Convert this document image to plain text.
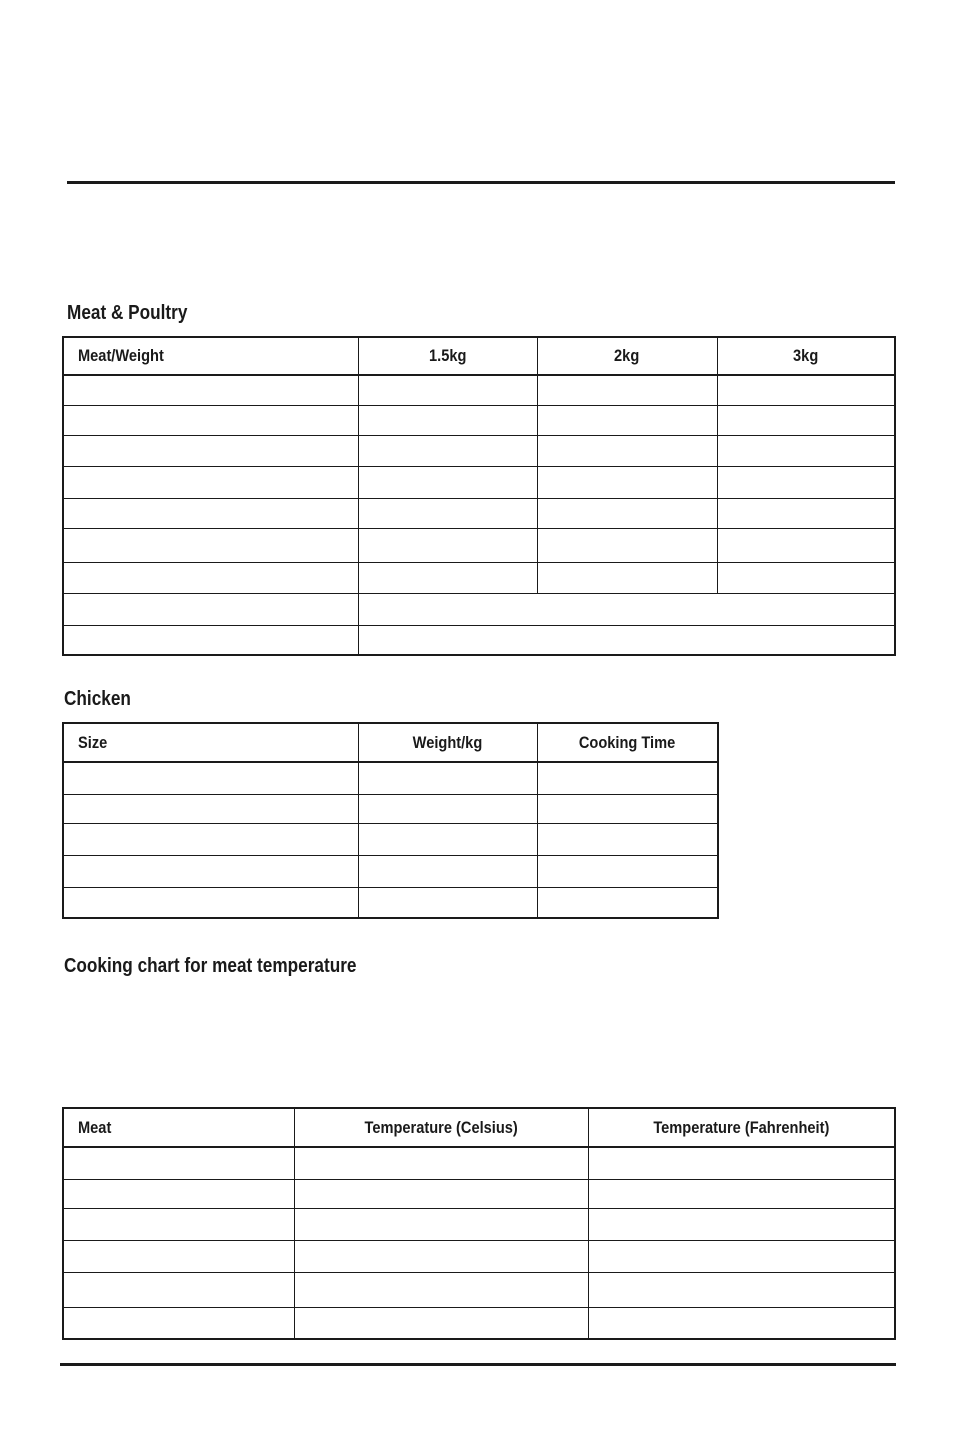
Meat & Poultry
Meat/Weight	1.5kg	2kg	3kg

Chicken
Size	Weight/kg	Cooking Time

Cooking chart for meat temperature
Meat	Temperature (Celsius)	Temperature (Fahrenheit)
